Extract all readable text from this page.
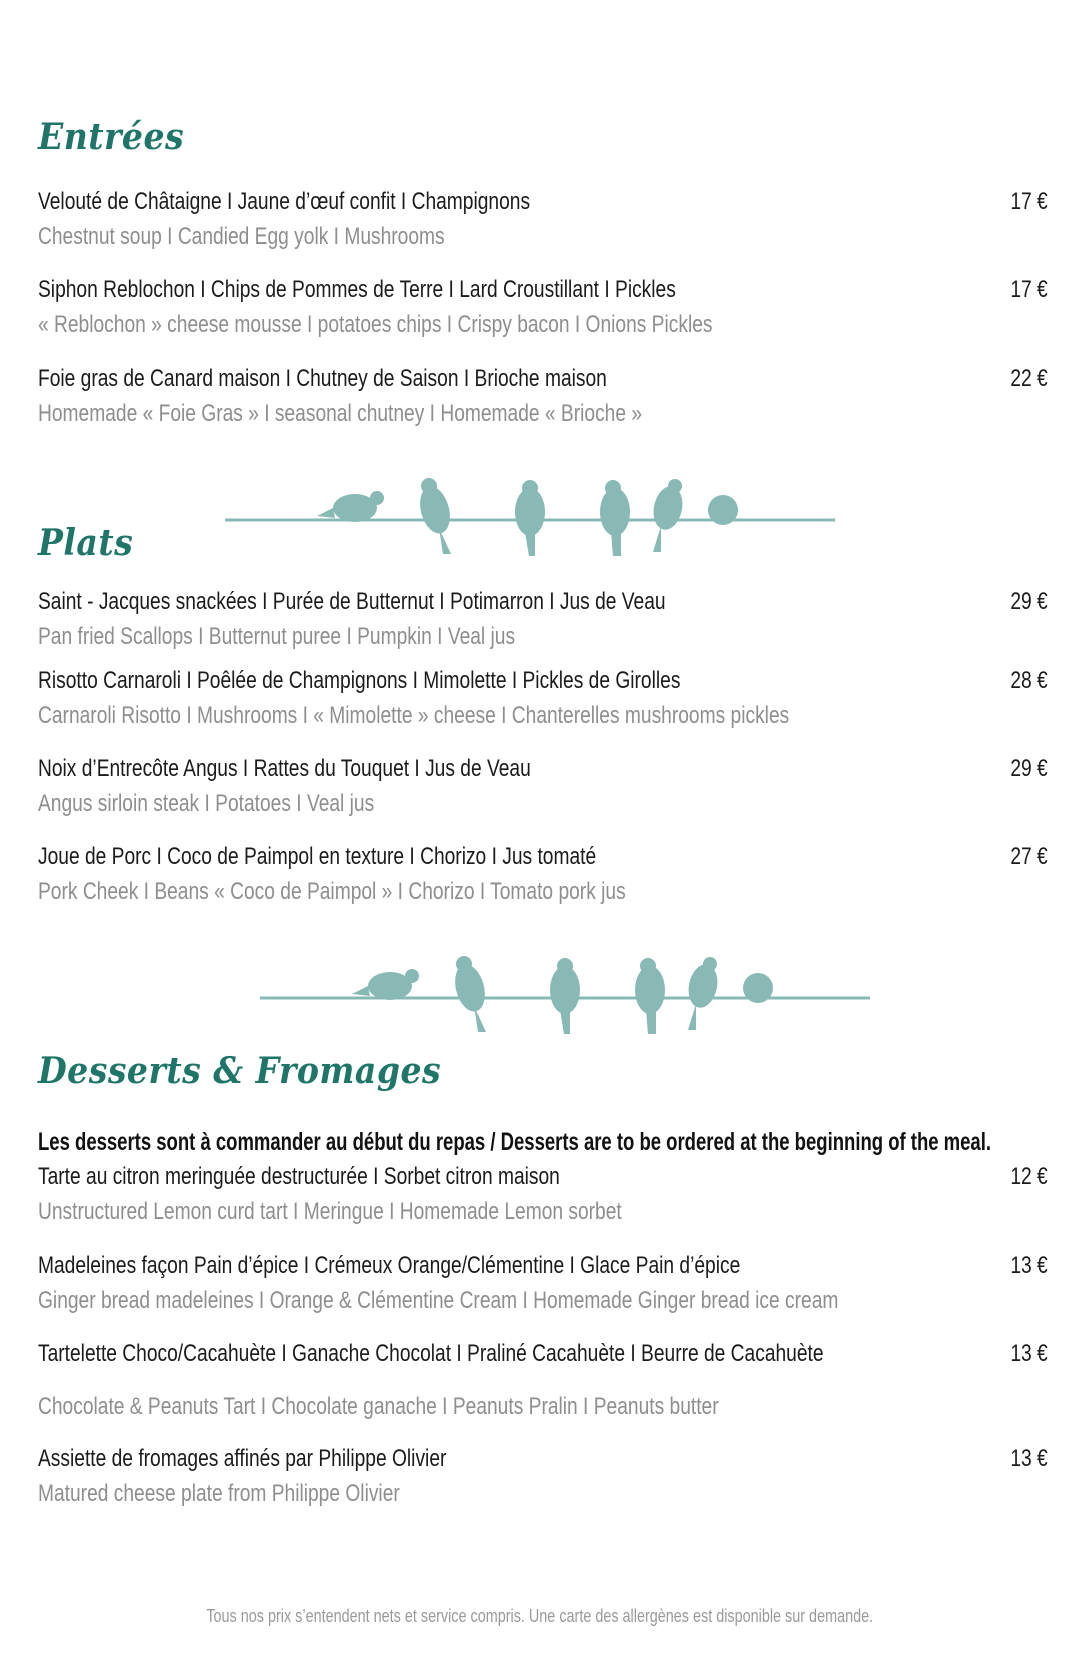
Entrées
Velouté de Châtaigne I Jaune d’œuf confit I Champignons
Chestnut soup I Candied Egg yolk I Mushrooms
17 €
Siphon Reblochon I Chips de Pommes de Terre I Lard Croustillant I Pickles
« Reblochon » cheese mousse I potatoes chips I Crispy bacon I Onions Pickles
17 €
Foie gras de Canard maison I Chutney de Saison I Brioche maison
Homemade « Foie Gras » I seasonal chutney I Homemade « Brioche »
22 €
Plats
Saint - Jacques snackées I Purée de Butternut I Potimarron I Jus de Veau
Pan fried Scallops I Butternut puree I Pumpkin I Veal jus
29 €
Risotto Carnaroli I Poêlée de Champignons I Mimolette I Pickles de Girolles
Carnaroli Risotto I Mushrooms I « Mimolette » cheese I Chanterelles mushrooms pickles
28 €
Noix d’Entrecôte Angus I Rattes du Touquet I Jus de Veau
Angus sirloin steak I Potatoes I Veal jus
29 €
Joue de Porc I Coco de Paimpol en texture I Chorizo I Jus tomaté
Pork Cheek I Beans « Coco de Paimpol » I Chorizo I Tomato pork jus
27 €
Desserts & Fromages
Les desserts sont à commander au début du repas / Desserts are to be ordered at the beginning of the meal.
Tarte au citron meringuée destructurée I Sorbet citron maison
Unstructured Lemon curd tart I Meringue I Homemade Lemon sorbet
12 €
Madeleines façon Pain d’épice I Crémeux Orange/Clémentine I Glace Pain d’épice
Ginger bread madeleines I Orange & Clémentine Cream I Homemade Ginger bread ice cream
13 €
Tartelette Choco/Cacahuète I Ganache Chocolat I Praliné Cacahuète I Beurre de Cacahuète
Chocolate & Peanuts Tart I Chocolate ganache I Peanuts Pralin I Peanuts butter
13 €
Assiette de fromages affinés par Philippe Olivier
Matured cheese plate from Philippe Olivier
13 €
Tous nos prix s’entendent nets et service compris. Une carte des allergènes est disponible sur demande.
